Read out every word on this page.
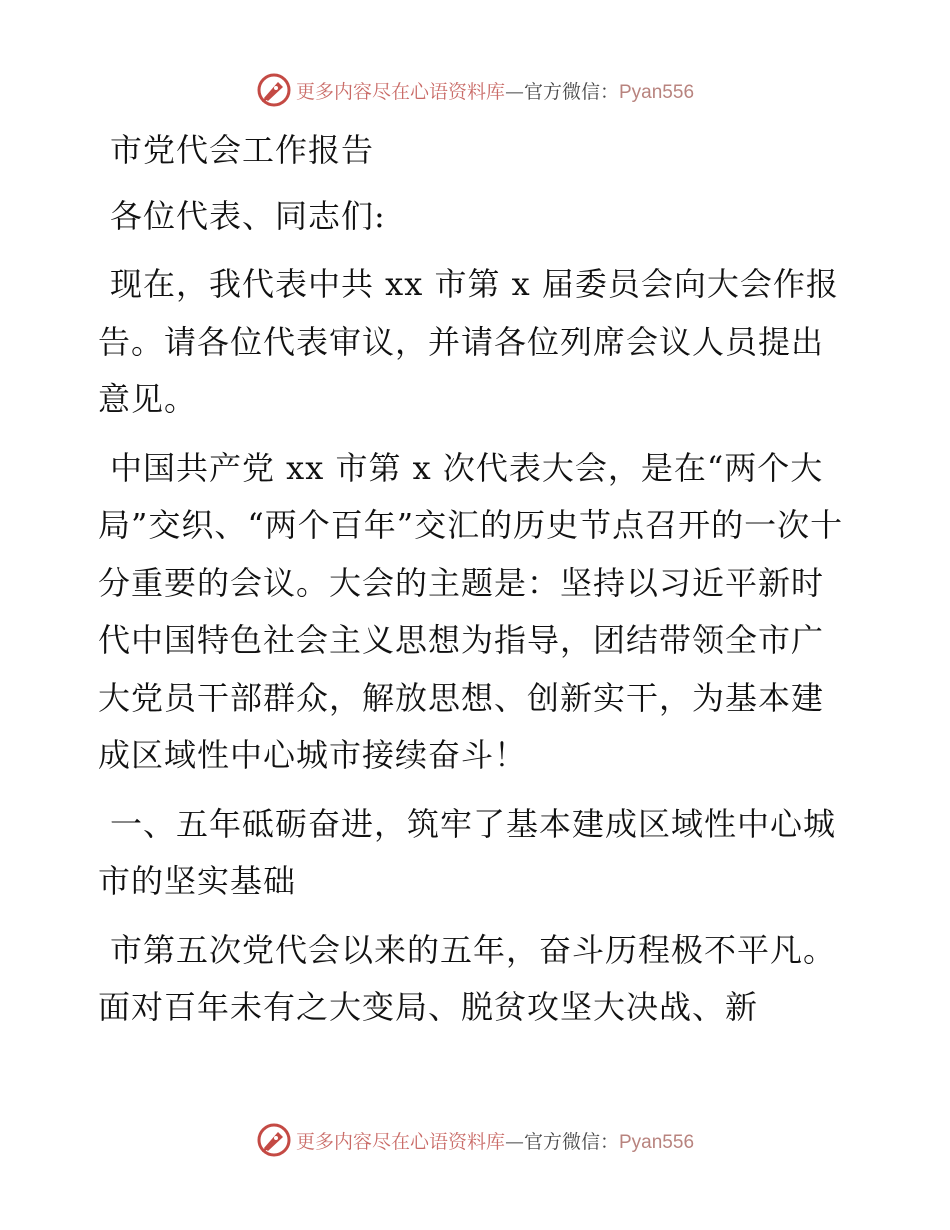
更多内容尽在心语资料库—官方微信：Pyan556

市党代会工作报告

各位代表、同志们:

现在，我代表中共 xx 市第 x 届委员会向大会作报告。请各位代表审议，并请各位列席会议人员提出意见。

中国共产党 xx 市第 x 次代表大会，是在“两个大局”交织、“两个百年”交汇的历史节点召开的一次十分重要的会议。大会的主题是：坚持以习近平新时代中国特色社会主义思想为指导，团结带领全市广大党员干部群众，解放思想、创新实干，为基本建成区域性中心城市接续奋斗！

一、五年砥砺奋进，筑牢了基本建成区域性中心城市的坚实基础

市第五次党代会以来的五年，奋斗历程极不平凡。面对百年未有之大变局、脱贫攻坚大决战、新

更多内容尽在心语资料库—官方微信：Pyan556
